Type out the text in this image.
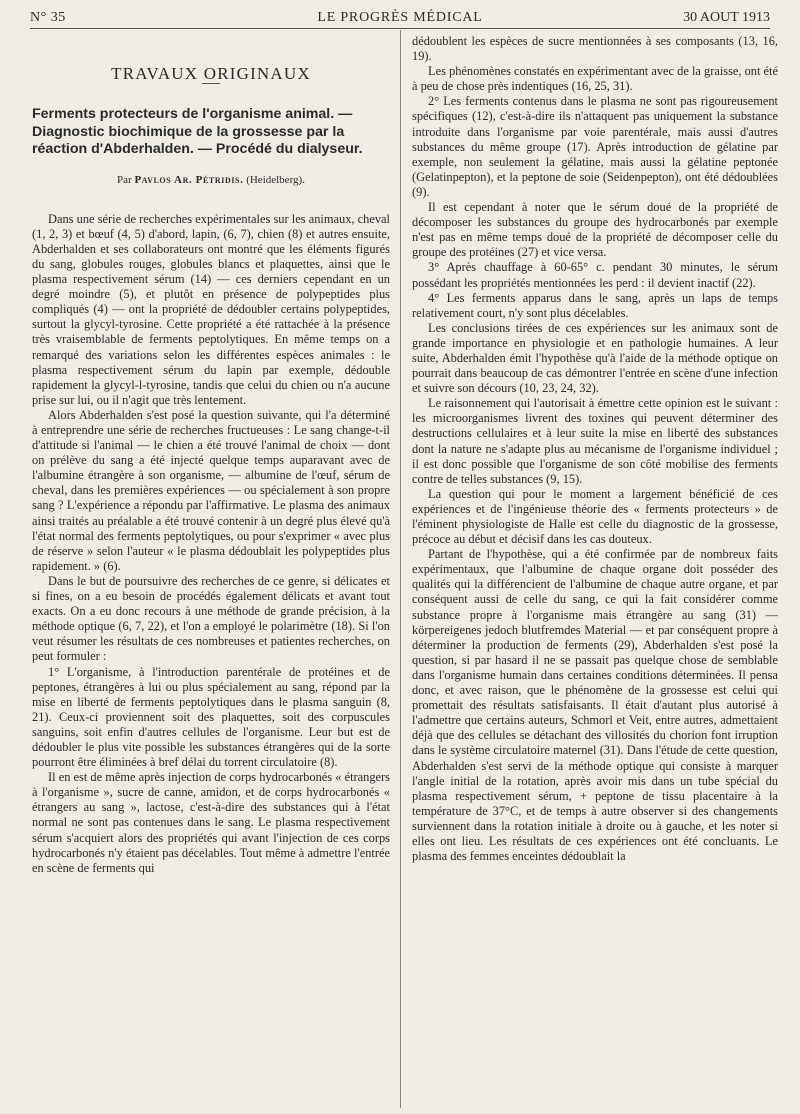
N° 35	LE PROGRÈS MÉDICAL	30 AOUT 1913
TRAVAUX ORIGINAUX
Ferments protecteurs de l'organisme animal. — Diagnostic biochimique de la grossesse par la réaction d'Abderhalden. — Procédé du dialyseur.
Par Pavlos Ar. Pétridis. (Heidelberg).

Dans une série de recherches expérimentales sur les animaux, cheval (1, 2, 3) et bœuf (4, 5) d'abord, lapin, (6, 7), chien (8) et autres ensuite, Abderhalden et ses collaborateurs ont montré que les éléments figurés du sang, globules rouges, globules blancs et plaquettes, ainsi que le plasma respectivement sérum (14) — ces derniers cependant en un degré moindre (5), et plutôt en présence de polypeptides plus compliqués (4) — ont la propriété de dédoubler certains polypeptides, surtout la glycyl-tyrosine. Cette propriété a été rattachée à la présence très vraisemblable de ferments peptolytiques. En même temps on a remarqué des variations selon les différentes espèces animales : le plasma respectivement sérum du lapin par exemple, dédouble rapidement la glycyl-l-tyrosine, tandis que celui du chien ou n'a aucune prise sur lui, ou il n'agit que très lentement.

Alors Abderhalden s'est posé la question suivante, qui l'a déterminé à entreprendre une série de recherches fructueuses : Le sang change-t-il d'attitude si l'animal — le chien a été trouvé l'animal de choix — dont on prélève du sang a été injecté quelque temps auparavant avec de l'albumine étrangère à son organisme, — albumine de l'œuf, sérum de cheval, dans les premières expériences — ou spécialement à son propre sang ? L'expérience a répondu par l'affirmative. Le plasma des animaux ainsi traités au préalable a été trouvé contenir à un degré plus élevé qu'à l'état normal des ferments peptolytiques, ou pour s'exprimer « avec plus de réserve » selon l'auteur « le plasma dédoublait les polypeptides plus rapidement. » (6).

Dans le but de poursuivre des recherches de ce genre, si délicates et si fines, on a eu besoin de procédés également délicats et avant tout exacts. On a eu donc recours à une méthode de grande précision, à la méthode optique (6, 7, 22), et l'on a employé le polarimètre (18). Si l'on veut résumer les résultats de ces nombreuses et patientes recherches, on peut formuler :

1° L'organisme, à l'introduction parentérale de protéines et de peptones, étrangères à lui ou plus spécialement au sang, répond par la mise en liberté de ferments peptolytiques dans le plasma sanguin (8, 21). Ceux-ci proviennent soit des plaquettes, soit des corpuscules sanguins, soit enfin d'autres cellules de l'organisme. Leur but est de dédoubler le plus vite possible les substances étrangères qui de la sorte pourront être éliminées à bref délai du torrent circulatoire (8).

Il en est de même après injection de corps hydrocarbonés « étrangers à l'organisme », sucre de canne, amidon, et de corps hydrocarbonés « étrangers au sang », lactose, c'est-à-dire des substances qui à l'état normal ne sont pas contenues dans le sang. Le plasma respectivement sérum s'acquiert alors des propriétés qui avant l'injection de ces corps hydrocarbonés n'y étaient pas décelables. Tout même à admettre l'entrée en scène de ferments qui

dédoublent les espèces de sucre mentionnées à ses composants (13, 16, 19).

Les phénomènes constatés en expérimentant avec de la graisse, ont été à peu de chose près indentiques (16, 25, 31).

2° Les ferments contenus dans le plasma ne sont pas rigoureusement spécifiques (12), c'est-à-dire ils n'attaquent pas uniquement la substance introduite dans l'organisme par voie parentérale, mais aussi d'autres substances du même groupe (17). Après introduction de gélatine par exemple, non seulement la gélatine, mais aussi la gélatine peptonée (Gelatinpepton), et la peptone de soie (Seidenpepton), ont été dédoublées (9).

Il est cependant à noter que le sérum doué de la propriété de décomposer les substances du groupe des hydrocarbonés par exemple n'est pas en même temps doué de la propriété de décomposer celle du groupe des protéines (27) et vice versa.

3° Après chauffage à 60-65° c. pendant 30 minutes, le sérum possédant les propriétés mentionnées les perd : il devient inactif (22).

4° Les ferments apparus dans le sang, après un laps de temps relativement court, n'y sont plus décelables.

Les conclusions tirées de ces expériences sur les animaux sont de grande importance en physiologie et en pathologie humaines. A leur suite, Abderhalden émit l'hypothèse qu'à l'aide de la méthode optique on pourrait dans beaucoup de cas démontrer l'entrée en scène d'une infection et suivre son décours (10, 23, 24, 32).

Le raisonnement qui l'autorisait à émettre cette opinion est le suivant : les microorganismes livrent des toxines qui peuvent déterminer des destructions cellulaires et à leur suite la mise en liberté des substances dont la nature ne s'adapte plus au mécanisme de l'organisme individuel ; il est donc possible que l'organisme de son côté mobilise des ferments contre de telles substances (9, 15).

La question qui pour le moment a largement bénéficié de ces expériences et de l'ingénieuse théorie des « ferments protecteurs » de l'éminent physiologiste de Halle est celle du diagnostic de la grossesse, précoce au début et décisif dans les cas douteux.

Partant de l'hypothèse, qui a été confirmée par de nombreux faits expérimentaux, que l'albumine de chaque organe doit posséder des qualités qui la différencient de l'albumine de chaque autre organe, et par conséquent aussi de celle du sang, ce qui la fait considérer comme substance propre à l'organisme mais étrangère au sang (31) — körpereigenes jedoch blutfremdes Material — et par conséquent propre à déterminer la production de ferments (29), Abderhalden s'est posé la question, si par hasard il ne se passait pas quelque chose de semblable dans l'organisme humain dans certaines conditions déterminées. Il pensa donc, et avec raison, que le phénomène de la grossesse est celui qui promettait des résultats satisfaisants. Il était d'autant plus autorisé à l'admettre que certains auteurs, Schmorl et Veit, entre autres, admettaient déjà que des cellules se détachant des villosités du chorion font irruption dans le système circulatoire maternel (31). Dans l'étude de cette question, Abderhalden s'est servi de la méthode optique qui consiste à marquer l'angle initial de la rotation, après avoir mis dans un tube spécial du plasma respectivement sérum, + peptone de tissu placentaire à la température de 37°C, et de temps à autre observer si des changements surviennent dans la rotation initiale à droite ou à gauche, et les noter si elles ont lieu. Les résultats de ces expériences ont été concluants. Le plasma des femmes enceintes dédoublait la
